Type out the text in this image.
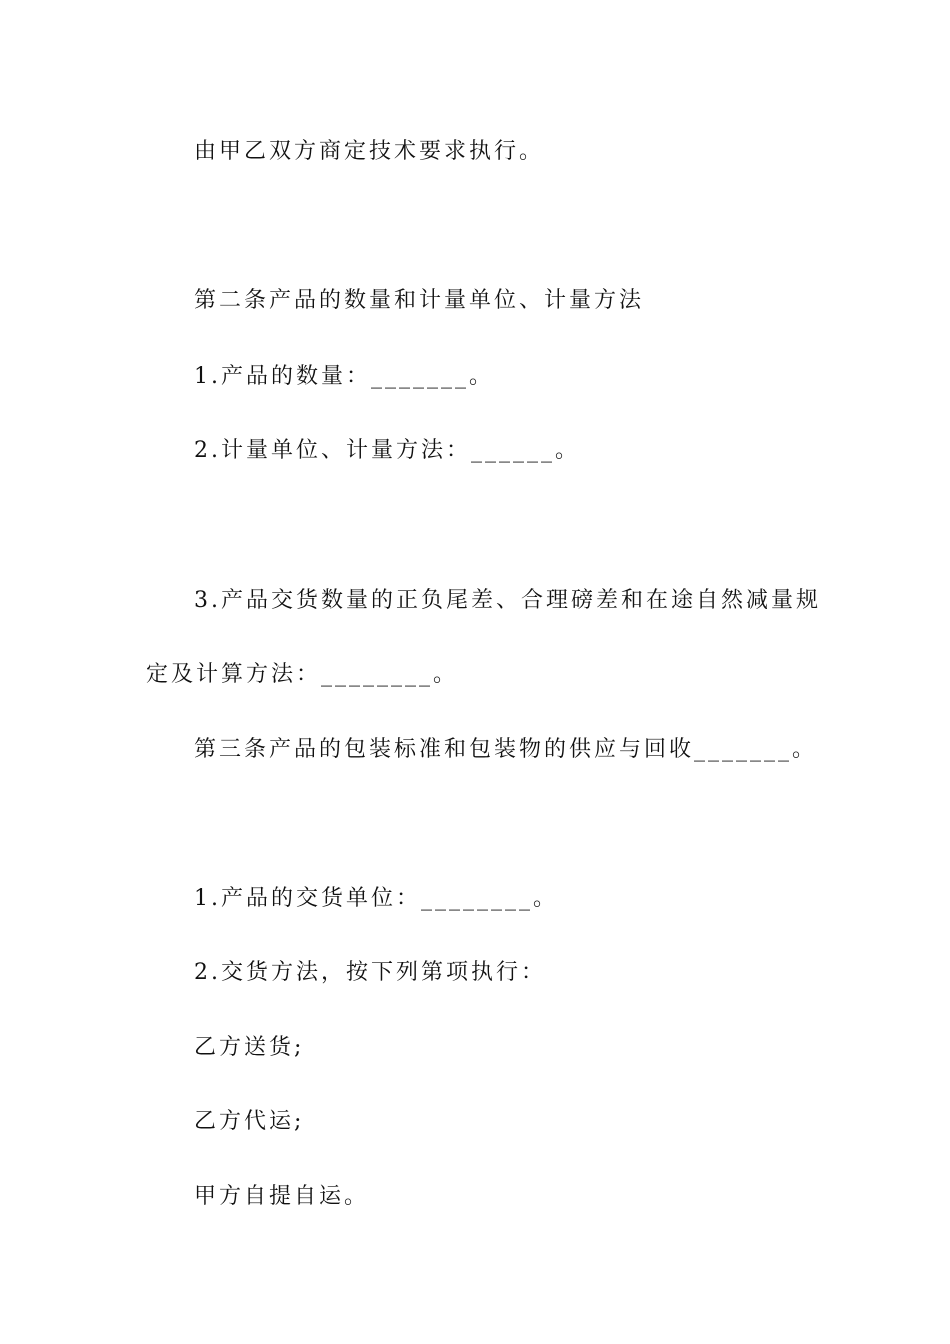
由甲乙双方商定技术要求执行。
第二条产品的数量和计量单位、计量方法
1.产品的数量：_______。
2.计量单位、计量方法：______。
3.产品交货数量的正负尾差、合理磅差和在途自然减量规
定及计算方法：________。
第三条产品的包装标准和包装物的供应与回收_______。
1.产品的交货单位：________。
2.交货方法，按下列第项执行：
乙方送货;
乙方代运;
甲方自提自运。
